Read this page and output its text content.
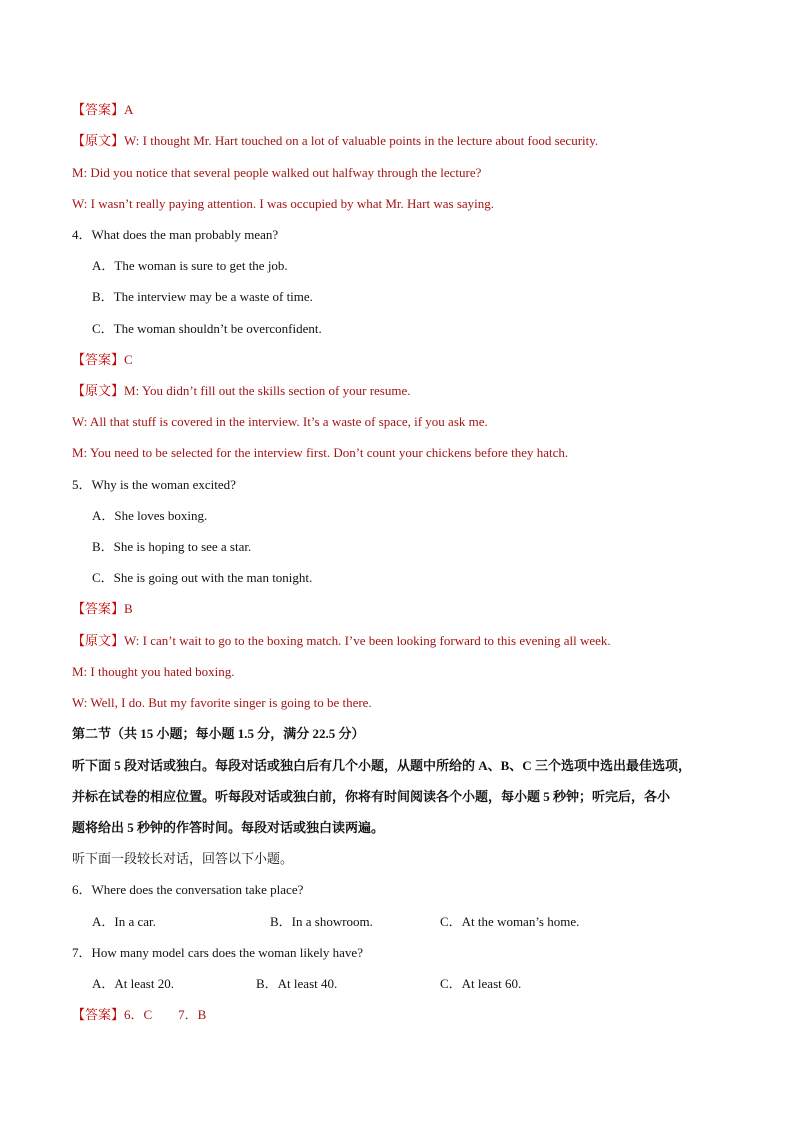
【答案】A
【原文】W: I thought Mr. Hart touched on a lot of valuable points in the lecture about food security.
M: Did you notice that several people walked out halfway through the lecture?
W: I wasn’t really paying attention. I was occupied by what Mr. Hart was saying.
4．What does the man probably mean?
A．The woman is sure to get the job.
B．The interview may be a waste of time.
C．The woman shouldn’t be overconfident.
【答案】C
【原文】M: You didn’t fill out the skills section of your resume.
W: All that stuff is covered in the interview. It’s a waste of space, if you ask me.
M: You need to be selected for the interview first. Don’t count your chickens before they hatch.
5．Why is the woman excited?
A．She loves boxing.
B．She is hoping to see a star.
C．She is going out with the man tonight.
【答案】B
【原文】W: I can’t wait to go to the boxing match. I’ve been looking forward to this evening all week.
M: I thought you hated boxing.
W: Well, I do. But my favorite singer is going to be there.
第二节（共 15 小题；每小题 1.5 分，满分 22.5 分）
听下面 5 段对话或独白。每段对话或独白后有几个小题，从题中所给的 A、B、C 三个选项中选出最佳选项，
并标在试卷的相应位置。听每段对话或独白前，你将有时间阅读各个小题，每小题 5 秒钟；听完后，各小
题将给出 5 秒钟的作答时间。每段对话或独白读两遍。
听下面一段较长对话，回答以下小题。
6．Where does the conversation take place?
A．In a car.	B．In a showroom.	C．At the woman’s home.
7．How many model cars does the woman likely have?
A．At least 20.	B．At least 40.	C．At least 60.
【答案】6．C　　7．B
